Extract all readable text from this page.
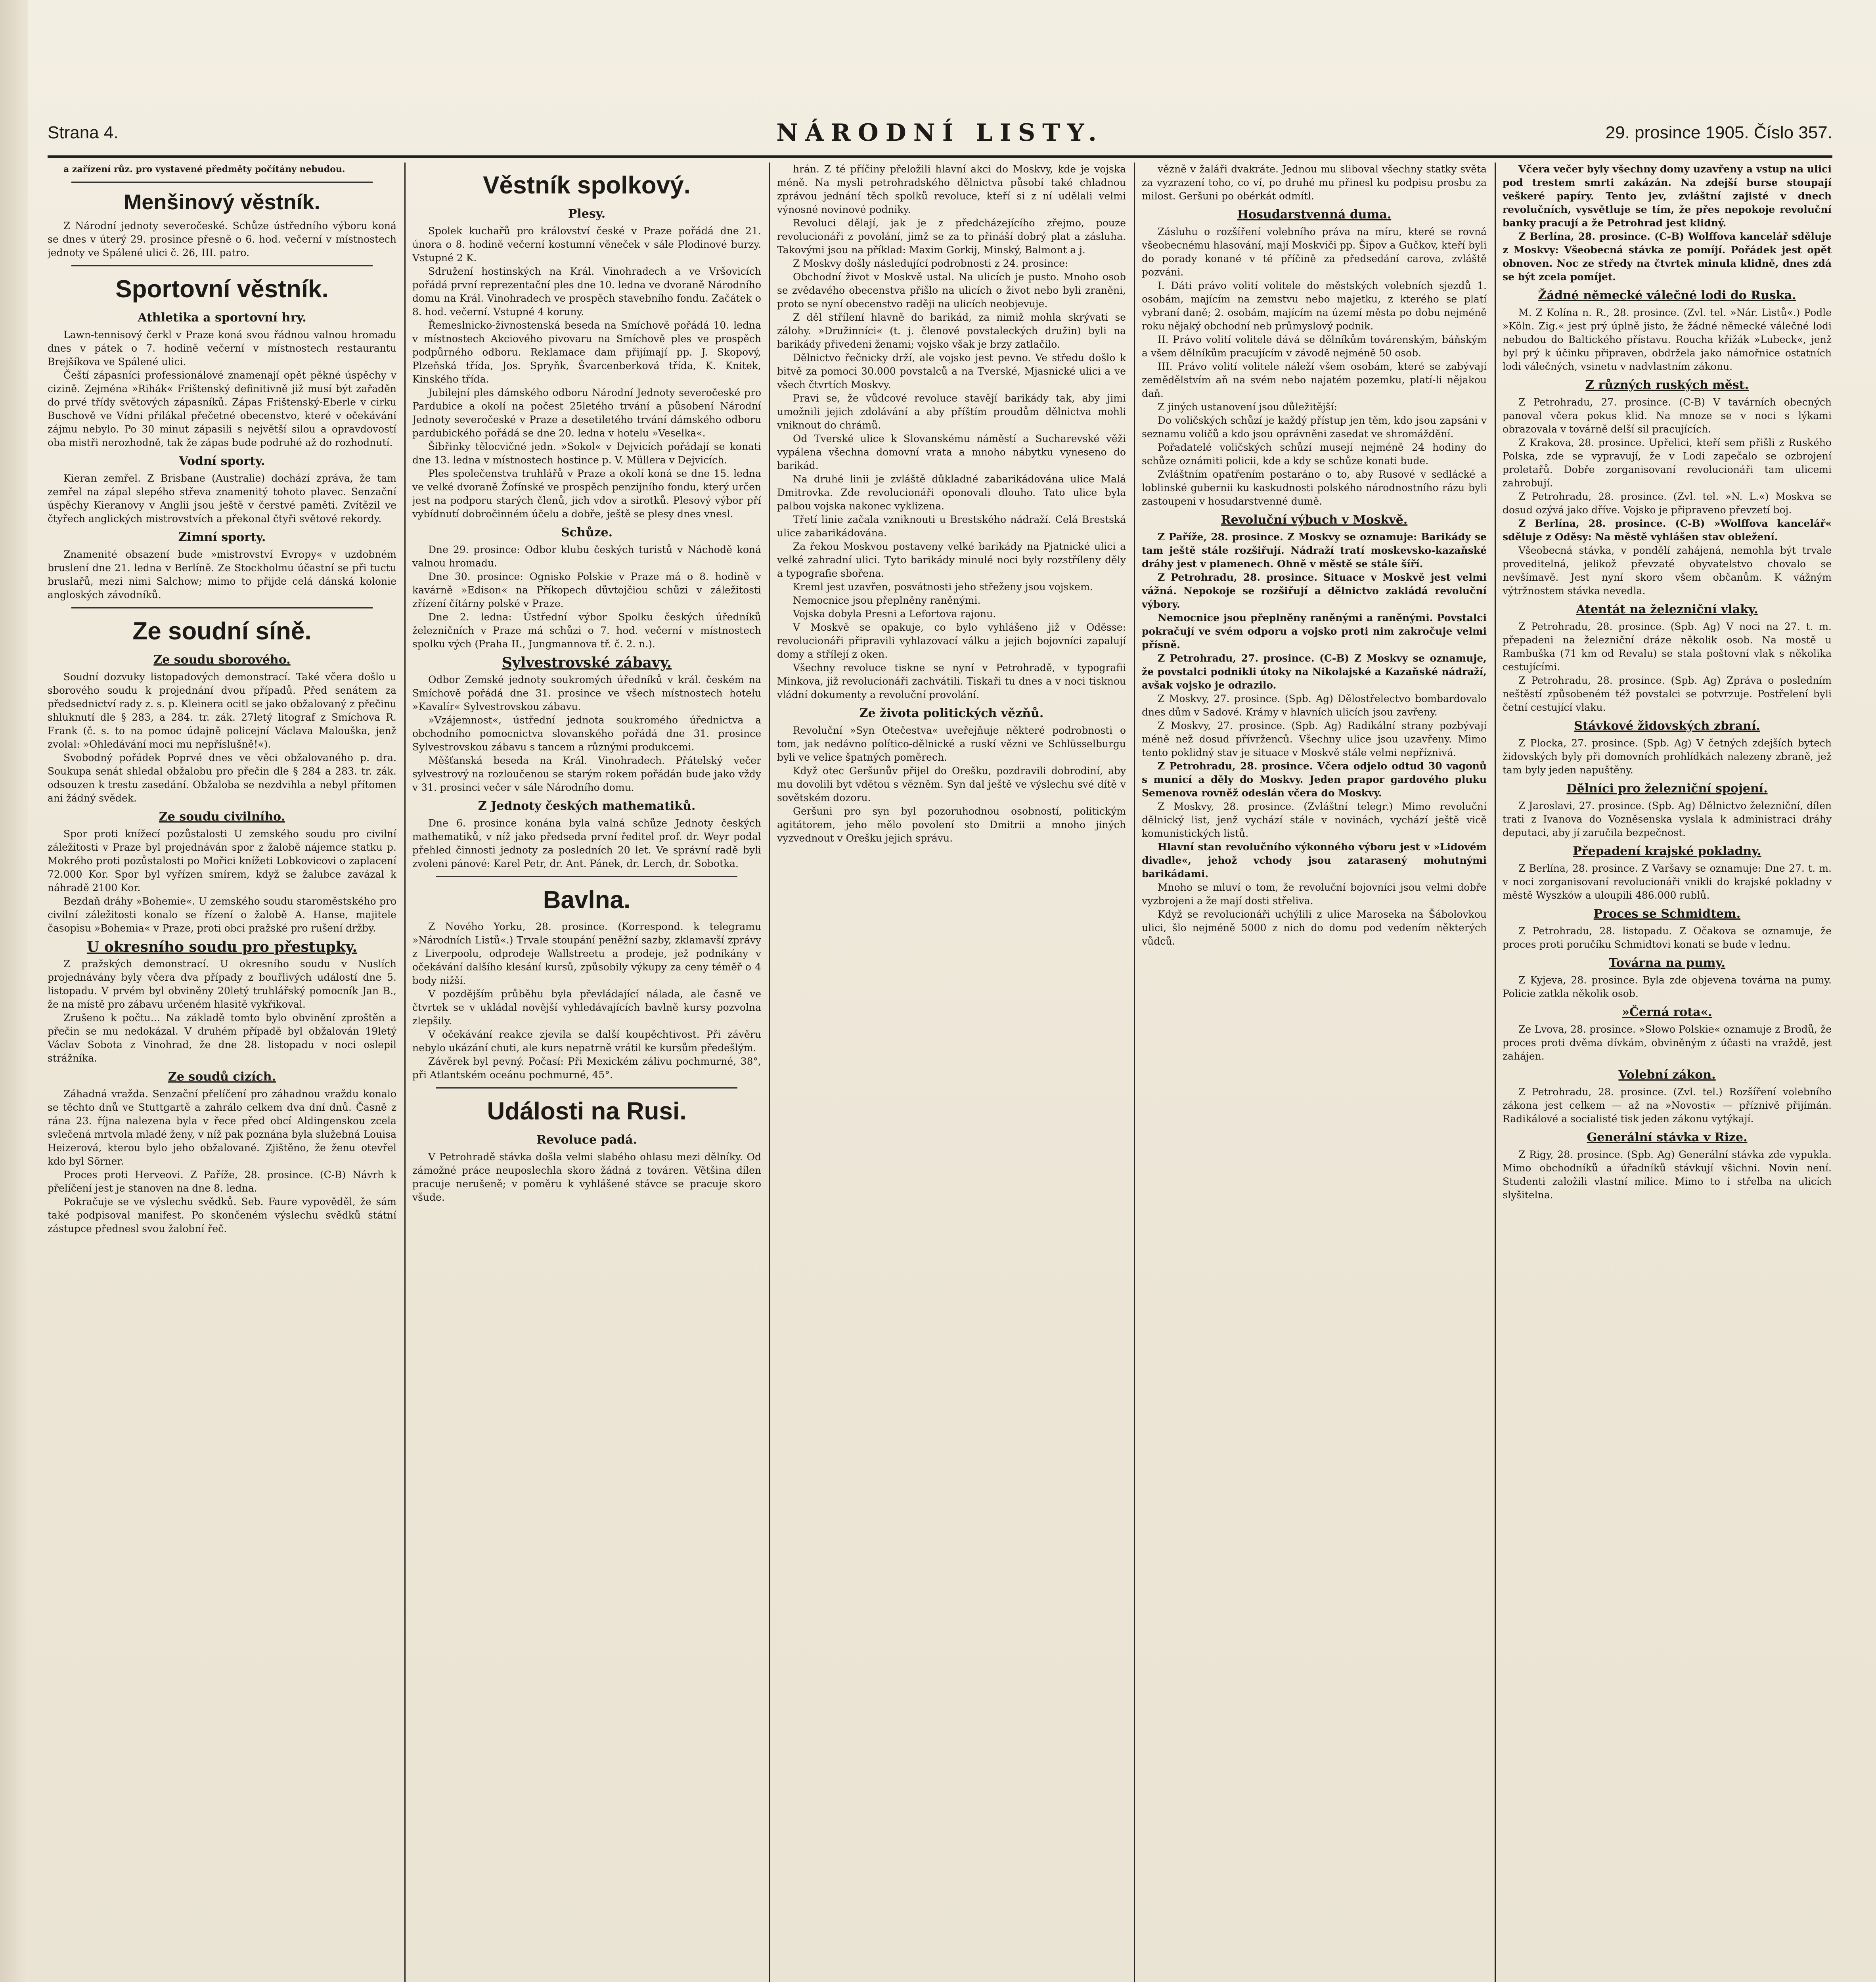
Strana 4.	NÁRODNÍ LISTY.	29. prosince 1905. Číslo 357.

a zařízení růz. pro vystavené předměty počítány nebudou.

Menšinový věstník.

Z Národní jednoty severočeské. Schůze ústředního výboru koná se dnes v úterý 29. prosince přesně o 6. hod. večerní v místnostech jednoty ve Spálené ulici č. 26, III. patro.

Sportovní věstník.
Athletika a sportovní hry.

Lawn-tennisový čerkl v Praze koná svou řádnou valnou hromadu dnes v pátek o 7. hodině večerní v místnostech restaurantu Brejšíkova ve Spálené ulici.

Čeští zápasníci professionálové znamenají opět pěkné úspěchy v cizině. Zejména »Rihák« Frištenský definitivně již musí být zařaděn do prvé třídy světových zápasníků. Zápas Frištenský-Eberle v cirku Buschově ve Vídni přilákal přečetné obecenstvo, které v očekávání zájmu nebylo. Po 30 minut zápasili s největší silou a opravdovostí oba mistři nerozhodně, tak že zápas bude podruhé až do rozhodnutí.

Vodní sporty.

Kieran zemřel. Z Brisbane (Australie) dochází zpráva, že tam zemřel na zápal slepého střeva znamenitý tohoto plavec. Senzační úspěchy Kieranovy v Anglii jsou ještě v čerstvé paměti. Zvítězil ve čtyřech anglických mistrovstvích a překonal čtyři světové rekordy.

Zimní sporty.

Znamenité obsazení bude »mistrovství Evropy« v uzdobném bruslení dne 21. ledna v Berlíně. Ze Stockholmu účastní se při tuctu bruslařů, mezi nimi Salchow; mimo to přijde celá dánská kolonie angloských závodníků.

Ze soudní síně.
Ze soudu sborového.

Soudní dozvuky listopadových demonstrací. Také včera došlo u sborového soudu k projednání dvou případů. Před senátem za předsednictví rady z. s. p. Kleinera ocitl se jako obžalovaný z přečinu shluknutí dle § 283, a 284. tr. zák. 27letý litograf z Smíchova R. Frank (č. s. to na pomoc údajně policejní Václava Malouška, jenž zvolal: »Ohledávání moci mu nepříslušně!«).

Svobodný pořádek Poprvé dnes ve věci obžalovaného p. dra. Soukupa senát shledal obžalobu pro přečin dle § 284 a 283. tr. zák. odsouzen k trestu zasedání. Obžaloba se nezdvihla a nebyl přítomen ani žádný svědek.

Ze soudu civilního.

Spor proti knížecí pozůstalosti U zemského soudu pro civilní záležitosti v Praze byl projednáván spor z žalobě nájemce statku p. Mokrého proti pozůstalosti po Mořici knížeti Lobkovicovi o zaplacení 72.000 Kor. Spor byl vyřízen smírem, když se žalubce zavázal k náhradě 2100 Kor.

Bezdaň dráhy »Bohemie«. U zemského soudu staroměstského pro civilní záležitosti konalo se řízení o žalobě A. Hanse, majitele časopisu »Bohemia« v Praze, proti obci pražské pro rušení držby.

U okresního soudu pro přestupky.

Z pražských demonstrací. U okresního soudu v Nuslích projednávány byly včera dva případy z bouřlivých událostí dne 5. listopadu. V prvém byl obviněny 20letý truhlářský pomocník Jan B., že na místě pro zábavu určeném hlasitě vykřikoval.

Zrušeno k počtu... Na základě tomto bylo obvinění zproštěn a přečin se mu nedokázal. V druhém případě byl obžalován 19letý Václav Sobota z Vinohrad, že dne 28. listopadu v noci oslepil strážníka.

Ze soudů cizích.

Záhadná vražda. Senzační přelíčení pro záhadnou vraždu konalo se těchto dnů ve Stuttgartě a zahrálo celkem dva dní dnů. Časně z rána 23. října nalezena byla v řece před obcí Aldingenskou zcela svlečená mrtvola mladé ženy, v níž pak poznána byla služebná Louisa Heizerová, kterou bylo jeho obžalované. Zjištěno, že ženu otevřel kdo byl Sörner.

Proces proti Herveovi. Z Paříže, 28. prosince. (C-B) Návrh k přelíčení jest je stanoven na dne 8. ledna.

Pokračuje se ve výslechu svědků. Seb. Faure vypověděl, že sám také podpisoval manifest. Po skončeném výslechu svědků státní zástupce přednesl svou žalobní řeč.

Věstník spolkový.
Plesy.

Spolek kuchařů pro království české v Praze pořádá dne 21. února o 8. hodině večerní kostumní věneček v sále Plodinové burzy. Vstupné 2 K.

Sdružení hostinských na Král. Vinohradech a ve Vršovicích pořádá první reprezentační ples dne 10. ledna ve dvoraně Národního domu na Král. Vinohradech ve prospěch stavebního fondu. Začátek o 8. hod. večerní. Vstupné 4 koruny.

Řemeslnicko-živnostenská beseda na Smíchově pořádá 10. ledna v místnostech Akciového pivovaru na Smíchově ples ve prospěch podpůrného odboru. Reklamace dam přijímají pp. J. Skopový, Plzeňská třída, Jos. Spryňk, Švarcenberková třída, K. Knitek, Kinského třída.

Jubilejní ples dámského odboru Národní Jednoty severočeské pro Pardubice a okolí na počest 25letého trvání a působení Národní Jednoty severočeské v Praze a desetiletého trvání dámského odboru pardubického pořádá se dne 20. ledna v hotelu »Veselka«.

Šibřinky tělocvičné jedn. »Sokol« v Dejvicích pořádají se konati dne 13. ledna v místnostech hostince p. V. Müllera v Dejvicích.

Ples společenstva truhlářů v Praze a okolí koná se dne 15. ledna ve velké dvoraně Žofínské ve prospěch penzijního fondu, který určen jest na podporu starých členů, jich vdov a sirotků. Plesový výbor pří vybídnutí dobročinném účelu a dobře, ještě se plesy dnes vnesl.

Schůze.

Dne 29. prosince: Odbor klubu českých turistů v Náchodě koná valnou hromadu.

Dne 30. prosince: Ognisko Polskie v Praze má o 8. hodině v kavárně »Edison« na Příkopech důvtojčiou schůzi v záležitosti zřízení čítárny polské v Praze.

Dne 2. ledna: Ústřední výbor Spolku českých úředníků železničních v Praze má schůzi o 7. hod. večerní v místnostech spolku vých (Praha II., Jungmannova tř. č. 2. n.).

Sylvestrovské zábavy.

Odbor Zemské jednoty soukromých úředníků v král. českém na Smíchově pořádá dne 31. prosince ve všech místnostech hotelu »Kavalír« Sylvestrovskou zábavu.

»Vzájemnost«, ústřední jednota soukromého úřednictva a obchodního pomocnictva slovanského pořádá dne 31. prosince Sylvestrovskou zábavu s tancem a různými produkcemi.

Měšťanská beseda na Král. Vinohradech. Přátelský večer sylvestrový na rozloučenou se starým rokem pořádán bude jako vždy v 31. prosinci večer v sále Národního domu.

Z Jednoty českých mathematiků.

Dne 6. prosince konána byla valná schůze Jednoty českých mathematiků, v níž jako předseda první ředitel prof. dr. Weyr podal přehled činnosti jednoty za posledních 20 let. Ve správní radě byli zvoleni pánové: Karel Petr, dr. Ant. Pánek, dr. Lerch, dr. Sobotka.

Bavlna.

Z Nového Yorku, 28. prosince. (Korrespond. k telegramu »Národních Listů«.) Trvale stoupání peněžní sazby, zklamavší zprávy z Liverpoolu, odprodeje Wallstreetu a prodeje, jež podnikány v očekávání dalšího klesání kursů, způsobily výkupy za ceny téměř o 4 body nižší.

V pozdějším průběhu byla převládající nálada, ale časně ve čtvrtek se v ukládal novější vyhledávajících bavlně kursy pozvolna zlepšily.

V očekávání reakce zjevila se další koupěchtivost. Při závěru nebylo ukázání chuti, ale kurs nepatrně vrátil ke kursům předešlým.

Závěrek byl pevný. Počasí: Při Mexickém zálivu pochmurné, 38°, při Atlantském oceánu pochmurné, 45°.

Události na Rusi.
Revoluce padá.

V Petrohradě stávka došla velmi slabého ohlasu mezi dělníky. Od zámožné práce neuposlechla skoro žádná z továren. Většina dílen pracuje nerušeně; v poměru k vyhlášené stávce se pracuje skoro všude.

hrán. Z té příčiny přeložili hlavní akci do Moskvy, kde je vojska méně. Na mysli petrohradského dělnictva působí také chladnou zprávou jednání těch spolků revoluce, kteří si z ní udělali velmi výnosné novinové podniky.

Revoluci dělají, jak je z předcházejícího zřejmo, pouze revolucionáři z povolání, jimž se za to přináší dobrý plat a zásluha. Takovými jsou na příklad: Maxim Gorkij, Minský, Balmont a j.

Z Moskvy došly následující podrobnosti z 24. prosince:

Obchodní život v Moskvě ustal. Na ulicích je pusto. Mnoho osob se zvědavého obecenstva přišlo na ulicích o život nebo byli zraněni, proto se nyní obecenstvo raději na ulicích neobjevuje.

Z děl střílení hlavně do barikád, za nimiž mohla skrývati se zálohy. »Družinníci« (t. j. členové povstaleckých družin) byli na barikády přivedeni ženami; vojsko však je brzy zatlačilo.

Dělnictvo řečnicky drží, ale vojsko jest pevno. Ve středu došlo k bitvě za pomoci 30.000 povstalců a na Tverské, Mjasnické ulici a ve všech čtvrtích Moskvy.

Pravi se, že vůdcové revoluce stavějí barikády tak, aby jimi umožnili jejich zdolávání a aby příštím proudům dělnictva mohli vniknout do chrámů.

Od Tverské ulice k Slovanskému náměstí a Sucharevské věži vypálena všechna domovní vrata a mnoho nábytku vyneseno do barikád.

Na druhé linii je zvláště důkladné zabarikádována ulice Malá Dmitrovka. Zde revolucionáři oponovali dlouho. Tato ulice byla palbou vojska nakonec vyklizena.

Třetí linie začala vzniknouti u Brestského nádraží. Celá Brestská ulice zabarikádována.

Za řekou Moskvou postaveny velké barikády na Pjatnické ulici a velké zahradní ulici. Tyto barikády minulé noci byly rozstříleny děly a typografie sbořena.

Kreml jest uzavřen, posvátnosti jeho střeženy jsou vojskem.

Nemocnice jsou přeplněny raněnými.

Vojska dobyla Presni a Lefortova rajonu.

V Moskvě se opakuje, co bylo vyhlášeno již v Oděsse: revolucionáři připravili vyhlazovací válku a jejich bojovníci zapalují domy a střílejí z oken.

Všechny revoluce tiskne se nyní v Petrohradě, v typografii Minkova, již revolucionáři zachvátili. Tiskaři tu dnes a v noci tisknou vládní dokumenty a revoluční provolání.

Ze života politických vězňů.

Revoluční »Syn Otečestva« uveřejňuje některé podrobnosti o tom, jak nedávno político-dělnické a ruskí vězni ve Schlüsselburgu byli ve velice špatných poměrech.

Když otec Geršunův přijel do Orešku, pozdravili dobrodiní, aby mu dovolili byt vdětou s vězněm. Syn dal ještě ve výslechu své dítě v sovětském dozoru.

Geršuni pro syn byl pozoruhodnou osobností, politickým agitátorem, jeho mělo povolení sto Dmitrii a mnoho jiných vyzvednout v Orešku jejich správu.

vězně v žaláři dvakráte. Jednou mu sliboval všechny statky světa za vyzrazení toho, co ví, po druhé mu přinesl ku podpisu prosbu za milost. Geršuni po obérkát odmítl.

Hosudarstvenná duma.

Zásluhu o rozšíření volebního práva na míru, které se rovná všeobecnému hlasování, mají Moskviči pp. Šipov a Gučkov, kteří byli do porady konané v té příčině za předsedání carova, zvláště pozváni.

I. Dáti právo volití volitele do městských volebních sjezdů 1. osobám, majícím na zemstvu nebo majetku, z kterého se platí vybraní daně; 2. osobám, majícím na území města po dobu nejméně roku nějaký obchodní neb průmyslový podnik.

II. Právo volití volitele dává se dělníkům továrenským, báňským a všem dělníkům pracujícím v závodě nejméně 50 osob.

III. Právo volití volitele náleží všem osobám, které se zabývají zemědělstvím aň na svém nebo najatém pozemku, platí-li nějakou daň.

Z jiných ustanovení jsou důležitější:

Do voličských schůzí je každý přístup jen těm, kdo jsou zapsáni v seznamu voličů a kdo jsou oprávněni zasedat ve shromáždění.

Pořadatelé voličských schůzí musejí nejméně 24 hodiny do schůze oznámiti policii, kde a kdy se schůze konati bude.

Zvláštním opatřením postaráno o to, aby Rusové v sedlácké a loblinské gubernii ku kaskudnosti polského národnostního rázu byli zastoupeni v hosudarstvenné dumě.

Revoluční výbuch v Moskvě.

Z Paříže, 28. prosince. Z Moskvy se oznamuje: Barikády se tam ještě stále rozšiřují. Nádraží tratí moskevsko-kazaňské dráhy jest v plamenech. Ohně v městě se stále šíří.

Z Petrohradu, 28. prosince. Situace v Moskvě jest velmi vážná. Nepokoje se rozšiřují a dělnictvo zakládá revoluční výbory.

Nemocnice jsou přeplněny raněnými a raněnými. Povstalci pokračují ve svém odporu a vojsko proti nim zakročuje velmi přísně.

Z Petrohradu, 27. prosince. (C-B) Z Moskvy se oznamuje, že povstalci podnikli útoky na Nikolajské a Kazaňské nádraží, avšak vojsko je odrazilo.

Z Moskvy, 27. prosince. (Spb. Ag) Dělostřelectvo bombardovalo dnes dům v Sadové. Krámy v hlavních ulicích jsou zavřeny.

Z Moskvy, 27. prosince. (Spb. Ag) Radikální strany pozbývají méně než dosud přívrženců. Všechny ulice jsou uzavřeny. Mimo tento poklidný stav je situace v Moskvě stále velmi nepříznivá.

Z Petrohradu, 28. prosince. Včera odjelo odtud 30 vagonů s municí a děly do Moskvy. Jeden prapor gardového pluku Semenova rovněž odeslán včera do Moskvy.

Z Moskvy, 28. prosince. (Zvláštní telegr.) Mimo revoluční dělnický list, jenž vychází stále v novinách, vychází ještě vicě komunistických listů.

Hlavní stan revolučního výkonného výboru jest v »Lidovém divadle«, jehož vchody jsou zatarasený mohutnými barikádami.

Mnoho se mluví o tom, že revoluční bojovníci jsou velmi dobře vyzbrojeni a že mají dosti střeliva.

Když se revolucionáři uchýlili z ulice Maroseka na Šábolovkou ulici, šlo nejméně 5000 z nich do domu pod vedením některých vůdců.

Včera večer byly všechny domy uzavřeny a vstup na ulici pod trestem smrti zakázán. Na zdejší burse stoupají veškeré papíry. Tento jev, zvláštní zajisté v dnech revolučních, vysvětluje se tím, že přes nepokoje revoluční banky pracují a že Petrohrad jest klidný.

Z Berlína, 28. prosince. (C-B) Wolffova kancelář sděluje z Moskvy: Všeobecná stávka ze pomíjí. Pořádek jest opět obnoven. Noc ze středy na čtvrtek minula klidně, dnes zdá se být zcela pomíjet.

Žádné německé válečné lodi do Ruska.

M. Z Kolína n. R., 28. prosince. (Zvl. tel. »Nár. Listů«.) Podle »Köln. Zig.« jest prý úplně jisto, že žádné německé válečné lodi nebudou do Baltického přístavu. Roucha křižák »Lubeck«, jenž byl prý k účinku připraven, obdržela jako námořnice ostatních lodi válečných, vsinetu v nadvlastním zákonu.

Z různých ruských měst.

Z Petrohradu, 27. prosince. (C-B) V tavárních obecných panoval včera pokus klid. Na mnoze se v noci s lýkami obrazovala v továrně delší sil pracujících.

Z Krakova, 28. prosince. Upřelici, kteří sem přišli z Ruského Polska, zde se vypravují, že v Lodi zapečalo se ozbrojení proletařů. Dobře zorganisovaní revolucionáři tam ulicemi zahrobují.

Z Petrohradu, 28. prosince. (Zvl. tel. »N. L.«) Moskva se dosud ozývá jako dříve. Vojsko je připraveno převzetí boj.

Z Berlína, 28. prosince. (C-B) »Wolffova kancelář« sděluje z Oděsy: Na městě vyhlášen stav obležení.

Všeobecná stávka, v pondělí zahájená, nemohla být trvale proveditelná, jelikož převzaté obyvatelstvo chovalo se nevšímavě. Jest nyní skoro všem občanům. K vážným výtržnostem stávka nevedla.

Atentát na železniční vlaky.

Z Petrohradu, 28. prosince. (Spb. Ag) V noci na 27. t. m. přepadeni na železniční dráze několik osob. Na mostě u Rambuška (71 km od Revalu) se stala poštovní vlak s několika cestujícími.

Z Petrohradu, 28. prosince. (Spb. Ag) Zpráva o posledním neštěstí způsobeném též povstalci se potvrzuje. Postřelení byli četní cestující vlaku.

Stávkové židovských zbraní.

Z Plocka, 27. prosince. (Spb. Ag) V četných zdejších bytech židovských byly při domovních prohlídkách nalezeny zbraně, jež tam byly jeden napuštěny.

Dělníci pro železniční spojení.

Z Jaroslavi, 27. prosince. (Spb. Ag) Dělnictvo železniční, dílen trati z Ivanova do Vozněsenska vyslala k administraci dráhy deputaci, aby jí zaručila bezpečnost.

Přepadení krajské pokladny.

Z Berlína, 28. prosince. Z Varšavy se oznamuje: Dne 27. t. m. v noci zorganisovaní revolucionáři vnikli do krajské pokladny v městě Wyszków a uloupili 486.000 rublů.

Proces se Schmidtem.

Z Petrohradu, 28. listopadu. Z Očakova se oznamuje, že proces proti poručíku Schmidtovi konati se bude v lednu.

Továrna na pumy.

Z Kyjeva, 28. prosince. Byla zde objevena továrna na pumy. Policie zatkla několik osob.

»Černá rota«.

Ze Lvova, 28. prosince. »Słowo Polskie« oznamuje z Brodů, že proces proti dvěma dívkám, obviněným z účasti na vraždě, jest zahájen.

Volební zákon.

Z Petrohradu, 28. prosince. (Zvl. tel.) Rozšíření volebního zákona jest celkem — až na »Novosti« — příznivě přijímán. Radikálové a socialisté tisk jeden zákonu vytýkají.

Generální stávka v Rize.

Z Rigy, 28. prosince. (Spb. Ag) Generální stávka zde vypukla. Mimo obchodníků a úřadníků stávkují všichni. Novin není. Studenti založili vlastní milice. Mimo to i střelba na ulicích slyšitelna.
